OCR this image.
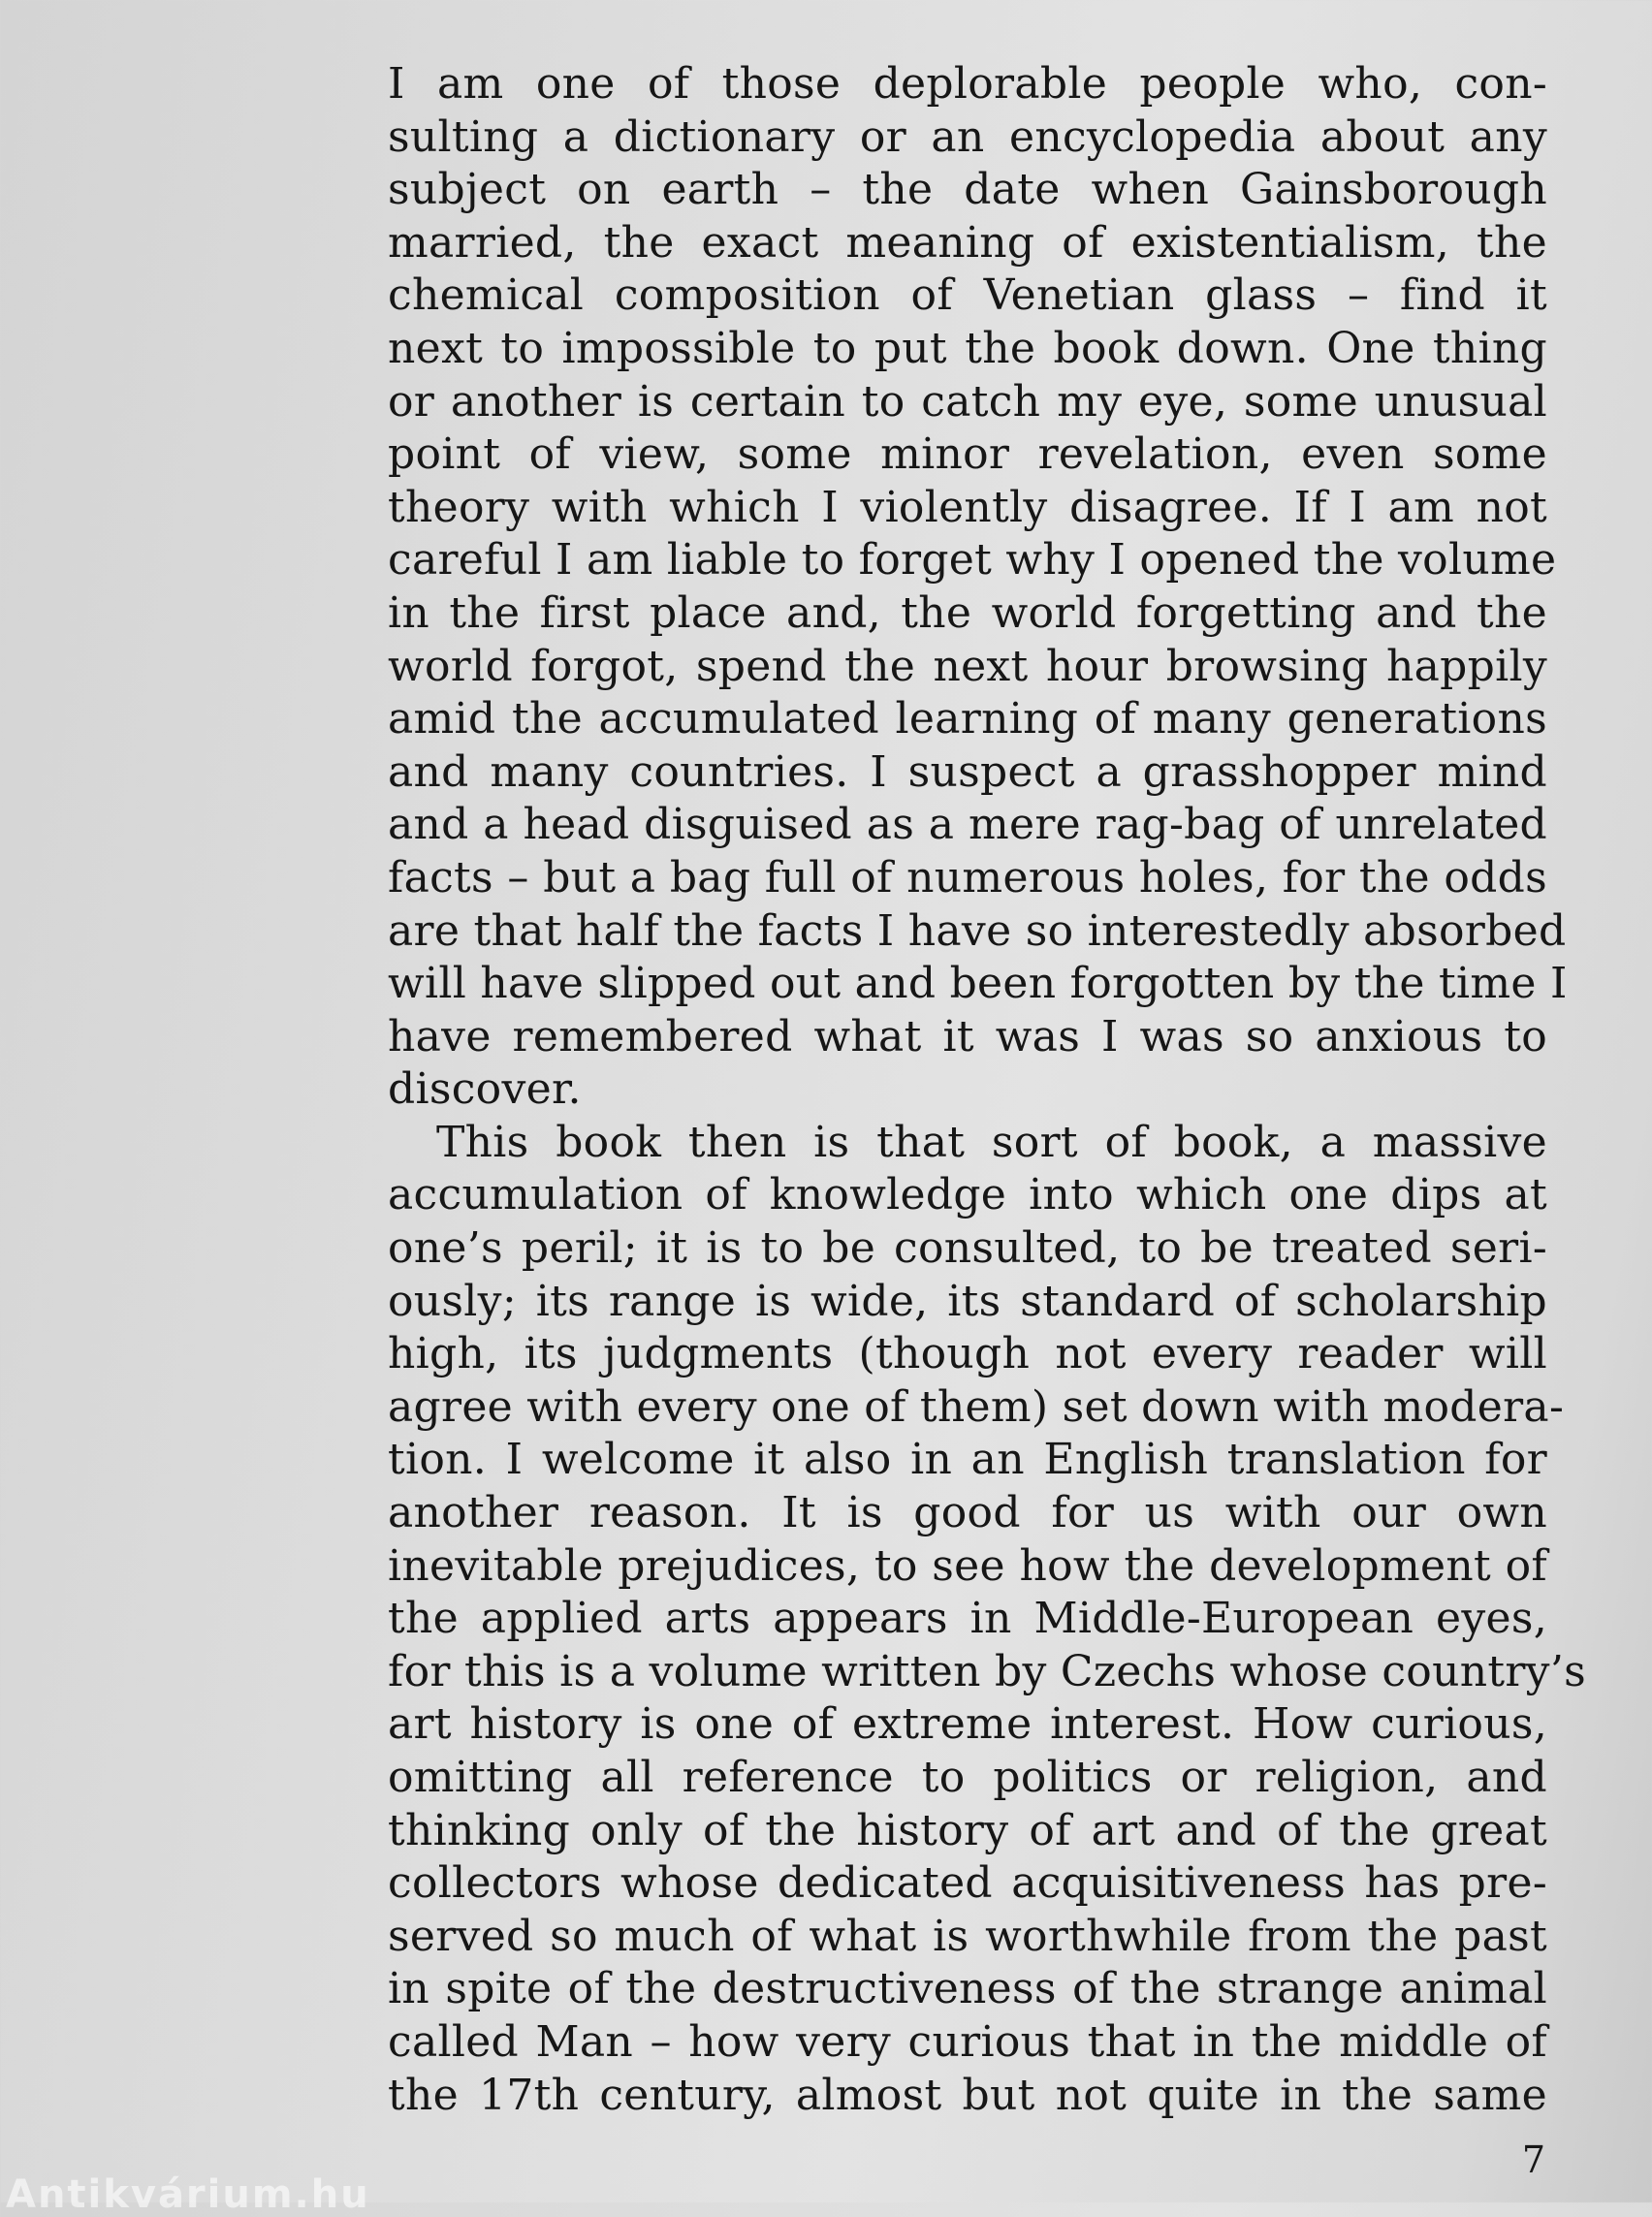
I am one of those deplorable people who, con-
sulting a dictionary or an encyclopedia about any
subject on earth – the date when Gainsborough
married, the exact meaning of existentialism, the
chemical composition of Venetian glass – find it
next to impossible to put the book down. One thing
or another is certain to catch my eye, some unusual
point of view, some minor revelation, even some
theory with which I violently disagree. If I am not
careful I am liable to forget why I opened the volume
in the first place and, the world forgetting and the
world forgot, spend the next hour browsing happily
amid the accumulated learning of many generations
and many countries. I suspect a grasshopper mind
and a head disguised as a mere rag-bag of unrelated
facts – but a bag full of numerous holes, for the odds
are that half the facts I have so interestedly absorbed
will have slipped out and been forgotten by the time I
have remembered what it was I was so anxious to
discover.
This book then is that sort of book, a massive
accumulation of knowledge into which one dips at
one’s peril; it is to be consulted, to be treated seri-
ously; its range is wide, its standard of scholarship
high, its judgments (though not every reader will
agree with every one of them) set down with modera-
tion. I welcome it also in an English translation for
another reason. It is good for us with our own
inevitable prejudices, to see how the development of
the applied arts appears in Middle-European eyes,
for this is a volume written by Czechs whose country’s
art history is one of extreme interest. How curious,
omitting all reference to politics or religion, and
thinking only of the history of art and of the great
collectors whose dedicated acquisitiveness has pre-
served so much of what is worthwhile from the past
in spite of the destructiveness of the strange animal
called Man – how very curious that in the middle of
the 17th century, almost but not quite in the same
7
Antikvárium.hu
